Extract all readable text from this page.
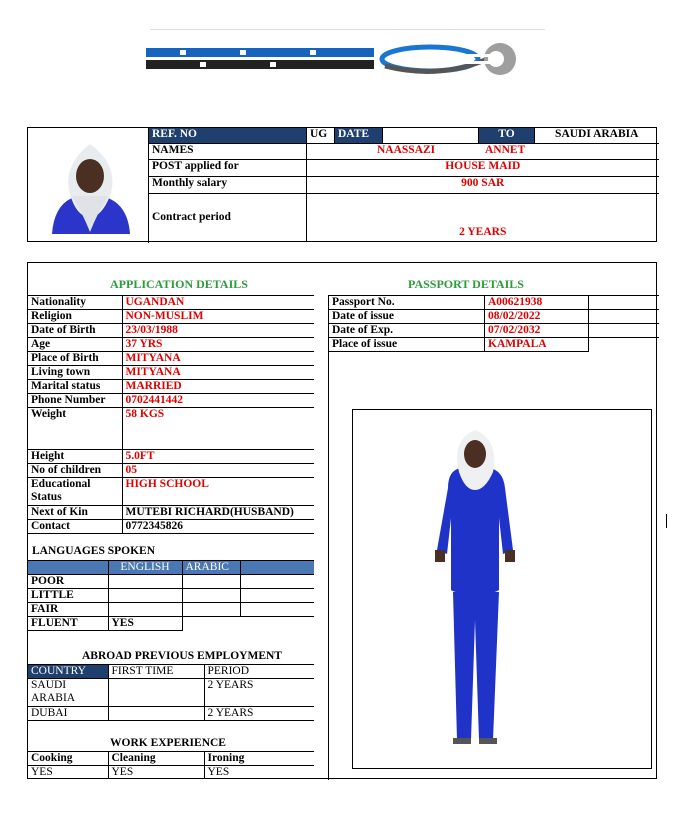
REF. NO	UG	DATE		TO	SAUDI ARABIA
NAMES	NAASSAZI ANNET				

POST applied for	HOUSE MAID				
Monthly salary	900 SAR				
Contract period	2 YEARS				
APPLICATION DETAILS	PASSPORT DETAILS
Nationality	UGANDAN
Religion	NON-MUSLIM
Date of Birth	23/03/1988
Age	37 YRS
Place of Birth	MITYANA
Living town	MITYANA
Marital status	MARRIED
Phone Number	0702441442
Weight	58 KGS
Height	5.0FT
No of children	05
Educational Status	HIGH SCHOOL
Next of Kin	MUTEBI RICHARD(HUSBAND)
Contact	0772345826
Passport No.	A00621938	
Date of issue	08/02/2022	
Date of Exp.	07/02/2032	
Place of issue	KAMPALA	
LANGUAGES SPOKEN
	ENGLISH	ARABIC	
POOR			
LITTLE			
FAIR			
FLUENT	YES		
ABROAD PREVIOUS EMPLOYMENT
COUNTRY	FIRST TIME	PERIOD
SAUDI ARABIA		2 YEARS
DUBAI		2 YEARS
WORK EXPERIENCE
Cooking	Cleaning	Ironing
YES	YES	YES
